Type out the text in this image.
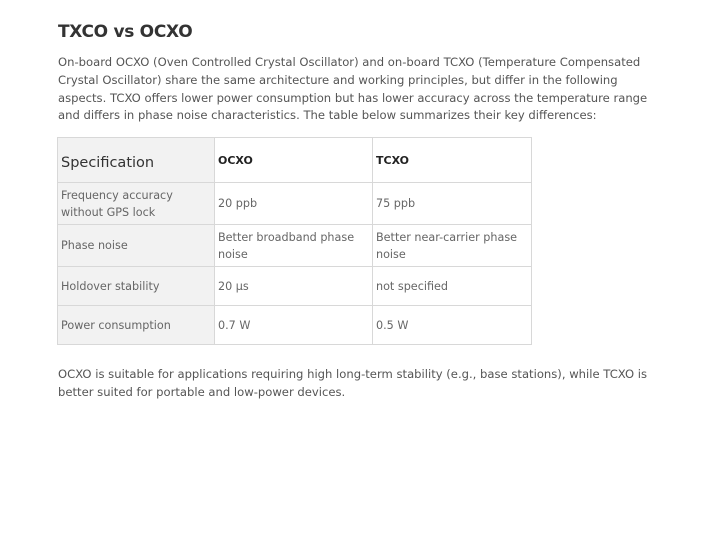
TXCO vs OCXO

On-board OCXO (Oven Controlled Crystal Oscillator) and on-board TCXO (Temperature Compensated Crystal Oscillator) share the same architecture and working principles, but differ in the following aspects. TCXO offers lower power consumption but has lower accuracy across the temperature range and differs in phase noise characteristics. The table below summarizes their key differences:

Specification	OCXO	TCXO
Frequency accuracy without GPS lock	20 ppb	75 ppb
Phase noise	Better broadband phase noise	Better near-carrier phase noise
Holdover stability	20 μs	not specified
Power consumption	0.7 W	0.5 W

OCXO is suitable for applications requiring high long-term stability (e.g., base stations), while TCXO is better suited for portable and low-power devices.
